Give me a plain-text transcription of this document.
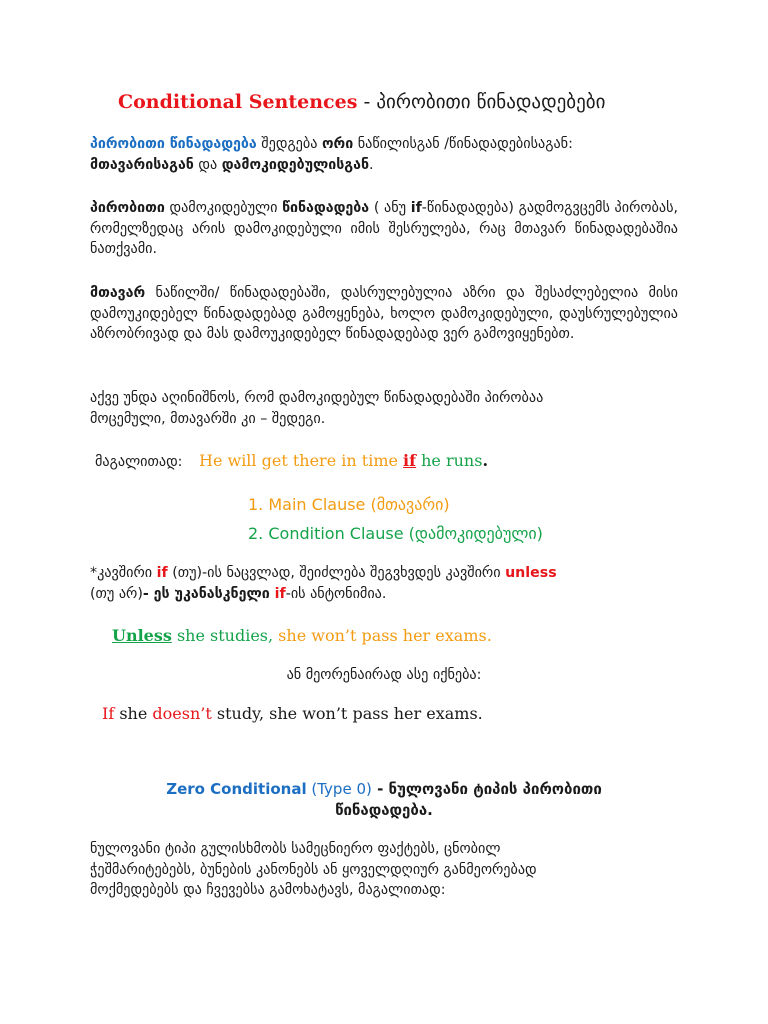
Conditional Sentences - პირობითი წინადადებები
პირობითი წინადადება შედგება ორი ნაწილისგან /წინადადებისაგან:
მთავარისაგან და დამოკიდებულისგან.
პირობითი დამოკიდებული წინადადება ( ანუ if-წინადადება) გადმოგვცემს პირობას, რომელზედაც არის დამოკიდებული იმის შესრულება, რაც მთავარ წინადადებაშია ნათქვამი.
მთავარ ნაწილში/ წინადადებაში, დასრულებულია აზრი და შესაძლებელია მისი დამოუკიდებელ წინადადებად გამოყენება, ხოლო დამოკიდებული, დაუსრულებულია აზრობრივად და მას დამოუკიდებელ წინადადებად ვერ გამოვიყენებთ.
აქვე უნდა აღინიშნოს, რომ დამოკიდებულ წინადადებაში პირობაა
მოცემული, მთავარში კი – შედეგი.
მაგალითად: He will get there in time if he runs.
1. Main Clause (მთავარი)
2. Condition Clause (დამოკიდებული)
*კავშირი if (თუ)-ის ნაცვლად, შეიძლება შეგვხვდეს კავშირი unless
(თუ არ)- ეს უკანასკნელი if-ის ანტონიმია.
Unless she studies, she won’t pass her exams.
ან მეორენაირად ასე იქნება:
If she doesn’t study, she won’t pass her exams.
Zero Conditional (Type 0) - ნულოვანი ტიპის პირობითი
წინადადება.
ნულოვანი ტიპი გულისხმობს სამეცნიერო ფაქტებს, ცნობილ
ჭეშმარიტებებს, ბუნების კანონებს ან ყოველდღიურ განმეორებად
მოქმედებებს და ჩვევებსა გამოხატავს, მაგალითად:
